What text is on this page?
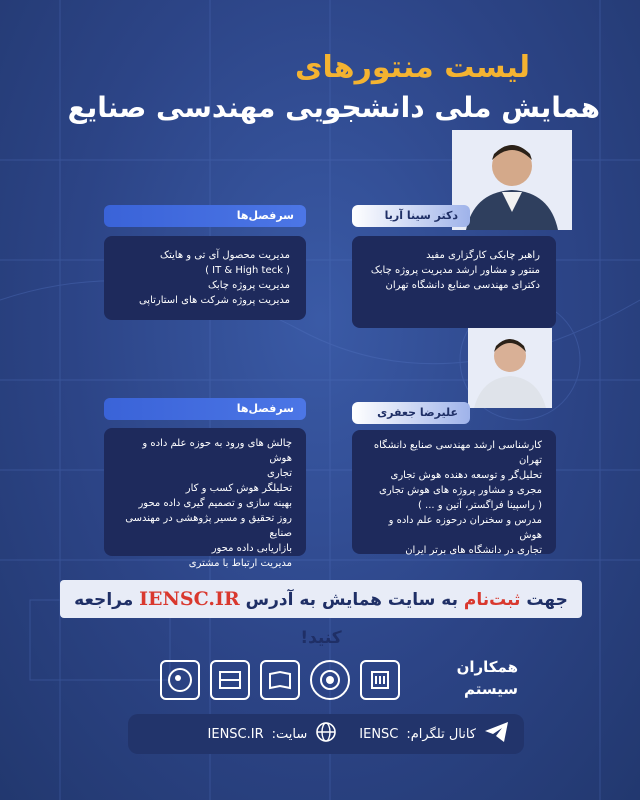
لیست منتورهای
همایش ملی دانشجویی مهندسی صنایع
دکتر سینا آریا
راهبر چابکی کارگزاری مفید
منتور و مشاور ارشد مدیریت پروژه چابک
دکترای مهندسی صنایع دانشگاه تهران
سرفصل‌ها
مدیریت محصول آی تی و هایتک
( IT & High teck )
مدیریت پروژه چابک
مدیریت پروژه شرکت های استارتاپی
علیرضا جعفری
کارشناسی ارشد مهندسی صنایع دانشگاه
تهران
تحلیل‌گر و توسعه دهنده هوش تجاری
مجری و مشاور پروژه های هوش تجاری
( راسپینا فراگستر، آتین و ... )
مدرس و سخنران درحوزه علم داده و هوش
تجاری در دانشگاه های برتر ایران
سرفصل‌ها
چالش های ورود به حوزه علم داده و هوش
تجاری
تحلیلگر هوش کسب و کار
بهینه سازی و تصمیم گیری داده محور
روز تحقیق و مسیر پژوهشی در مهندسی
صنایع
بازاریابی داده محور
مدیریت ارتباط با مشتری
جهت ثبت‌نام به سایت همایش به آدرس IENSC.IR مراجعه کنید!
همکاران
سیستم
کانال تلگرام:
IENSC
سایت:
IENSC.IR
